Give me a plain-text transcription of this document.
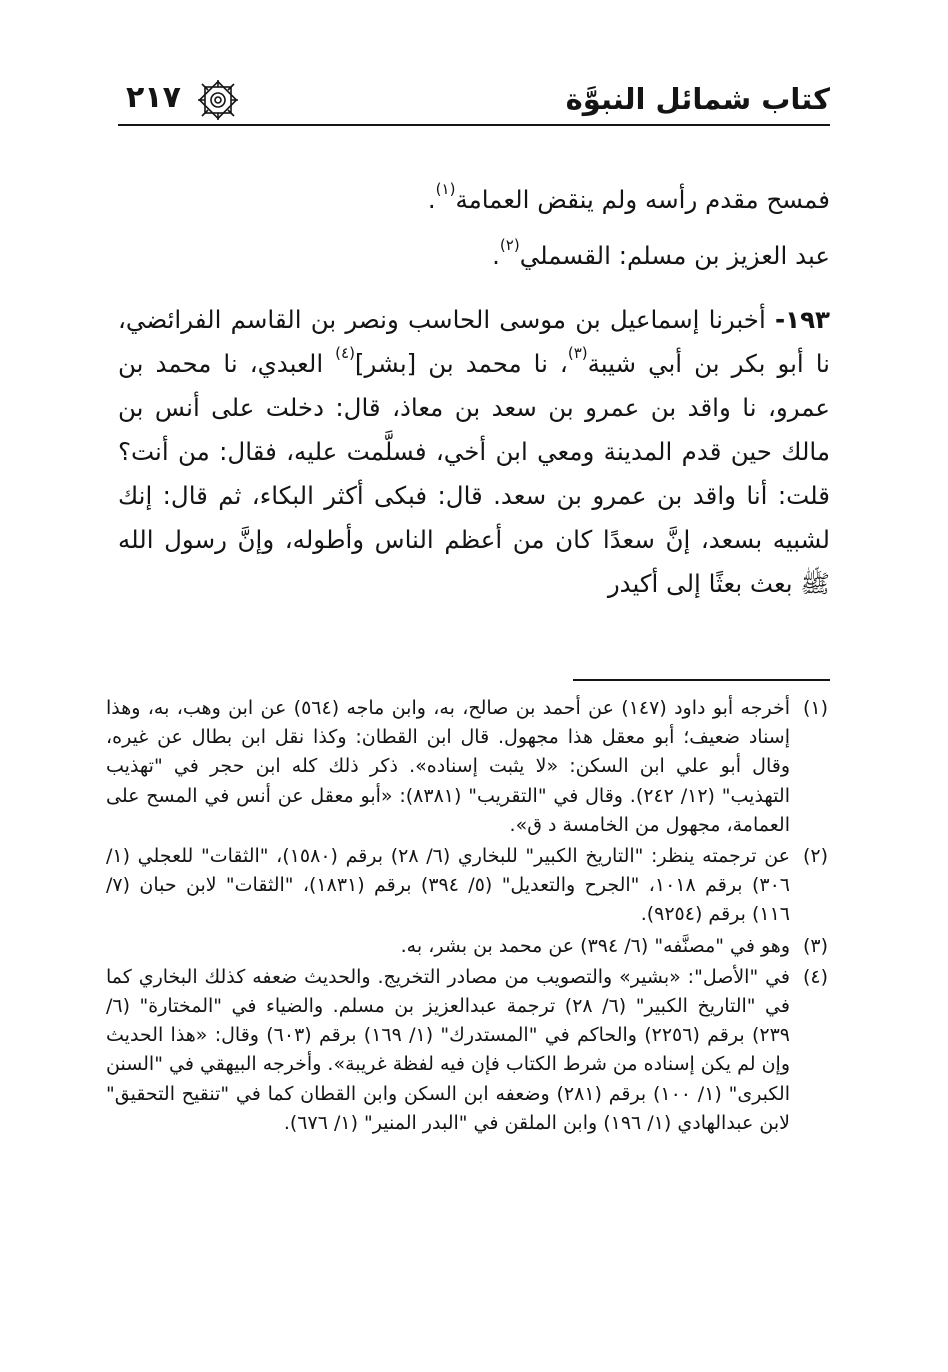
كتاب شمائل النبوَّة
٢١٧

فمسح مقدم رأسه ولم ينقض العمامة$^{(١)}$.

عبد العزيز بن مسلم: القسملي$^{(٢)}$.

١٩٣- أخبرنا إسماعيل بن موسى الحاسب ونصر بن القاسم الفرائضي، نا أبو بكر بن أبي شيبة$^{(٣)}$، نا محمد بن [بشر]$^{(٤)}$ العبدي، نا محمد بن عمرو، نا واقد بن عمرو بن سعد بن معاذ، قال: دخلت على أنس بن مالك حين قدم المدينة ومعي ابن أخي، فسلَّمت عليه، فقال: من أنت؟ قلت: أنا واقد بن عمرو بن سعد. قال: فبكى أكثر البكاء، ثم قال: إنك لشبيه بسعد، إنَّ سعدًا كان من أعظم الناس وأطوله، وإنَّ رسول الله ﷺ بعث بعثًا إلى أكيدر

(١)

أخرجه أبو داود (١٤٧) عن أحمد بن صالح، به، وابن ماجه (٥٦٤) عن ابن وهب، به، وهذا إسناد ضعيف؛ أبو معقل هذا مجهول. قال ابن القطان: وكذا نقل ابن بطال عن غيره، وقال أبو علي ابن السكن: «لا يثبت إسناده». ذكر ذلك كله ابن حجر في "تهذيب التهذيب" (١٢/ ٢٤٢). وقال في "التقريب" (٨٣٨١): «أبو معقل عن أنس في المسح على العمامة، مجهول من الخامسة د ق».

(٢)

عن ترجمته ينظر: "التاريخ الكبير" للبخاري (٦/ ٢٨) برقم (١٥٨٠)، "الثقات" للعجلي (١/ ٣٠٦) برقم ١٠١٨، "الجرح والتعديل" (٥/ ٣٩٤) برقم (١٨٣١)، "الثقات" لابن حبان (٧/ ١١٦) برقم (٩٢٥٤).

(٣)

وهو في "مصنَّفه" (٦/ ٣٩٤) عن محمد بن بشر، به.

(٤)

في "الأصل": «بشير» والتصويب من مصادر التخريج. والحديث ضعفه كذلك البخاري كما في "التاريخ الكبير" (٦/ ٢٨) ترجمة عبدالعزيز بن مسلم. والضياء في "المختارة" (٦/ ٢٣٩) برقم (٢٢٥٦) والحاكم في "المستدرك" (١/ ١٦٩) برقم (٦٠٣) وقال: «هذا الحديث وإن لم يكن إسناده من شرط الكتاب فإن فيه لفظة غريبة». وأخرجه البيهقي في "السنن الكبرى" (١/ ١٠٠) برقم (٢٨١) وضعفه ابن السكن وابن القطان كما في "تنقيح التحقيق" لابن عبدالهادي (١/ ١٩٦) وابن الملقن في "البدر المنير" (١/ ٦٧٦).
